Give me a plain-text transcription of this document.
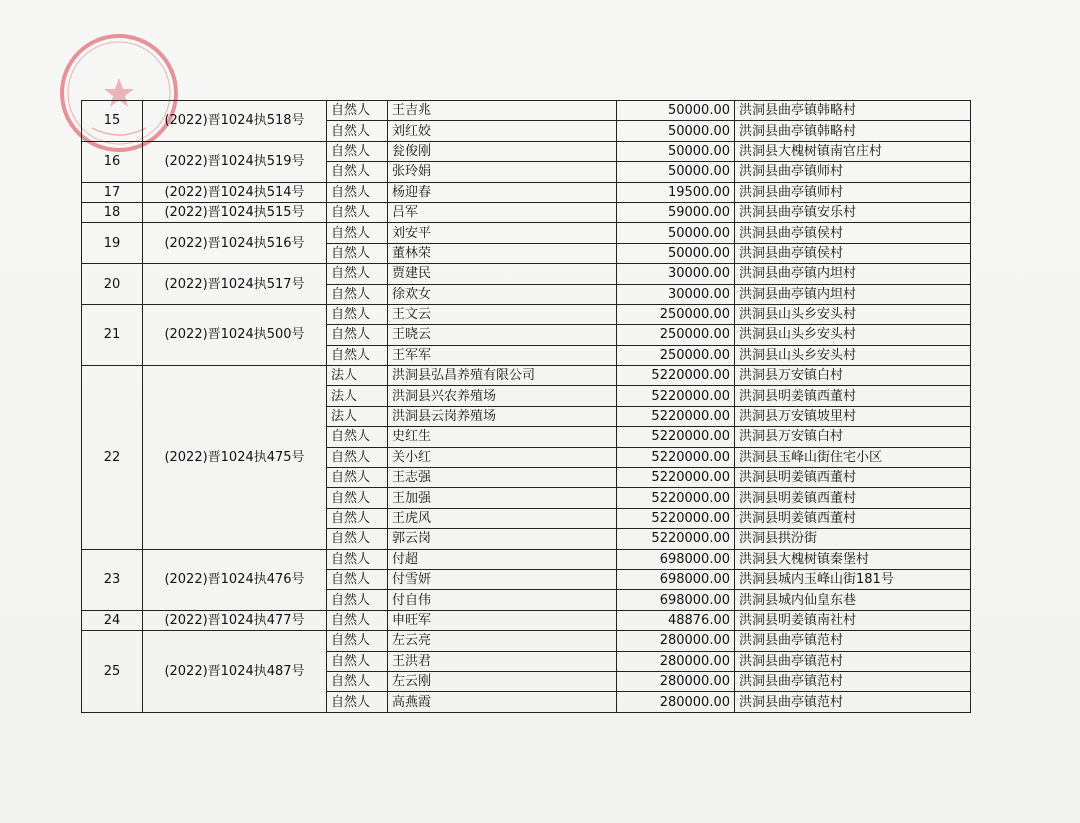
15	(2022)晋1024执518号	自然人	王吉兆	50000.00	洪洞县曲亭镇韩略村
		自然人	刘红姣	50000.00	洪洞县曲亭镇韩略村
16	(2022)晋1024执519号	自然人	瓮俊刚	50000.00	洪洞县大槐树镇南官庄村
		自然人	张玲娟	50000.00	洪洞县曲亭镇师村
17	(2022)晋1024执514号	自然人	杨迎春	19500.00	洪洞县曲亭镇师村
18	(2022)晋1024执515号	自然人	吕军	59000.00	洪洞县曲亭镇安乐村
19	(2022)晋1024执516号	自然人	刘安平	50000.00	洪洞县曲亭镇侯村
		自然人	董林荣	50000.00	洪洞县曲亭镇侯村
20	(2022)晋1024执517号	自然人	贾建民	30000.00	洪洞县曲亭镇内坦村
		自然人	徐欢女	30000.00	洪洞县曲亭镇内坦村
21	(2022)晋1024执500号	自然人	王文云	250000.00	洪洞县山头乡安头村
		自然人	王晓云	250000.00	洪洞县山头乡安头村
		自然人	王军军	250000.00	洪洞县山头乡安头村
22	(2022)晋1024执475号	法人	洪洞县弘昌养殖有限公司	5220000.00	洪洞县万安镇白村
		法人	洪洞县兴农养殖场	5220000.00	洪洞县明姜镇西董村
		法人	洪洞县云岗养殖场	5220000.00	洪洞县万安镇坡里村
		自然人	史红生	5220000.00	洪洞县万安镇白村
		自然人	关小红	5220000.00	洪洞县玉峰山街住宅小区
		自然人	王志强	5220000.00	洪洞县明姜镇西董村
		自然人	王加强	5220000.00	洪洞县明姜镇西董村
		自然人	王虎风	5220000.00	洪洞县明姜镇西董村
		自然人	郭云岗	5220000.00	洪洞县拱汾街
23	(2022)晋1024执476号	自然人	付超	698000.00	洪洞县大槐树镇秦堡村
		自然人	付雪妍	698000.00	洪洞县城内玉峰山街181号
		自然人	付自伟	698000.00	洪洞县城内仙皇东巷
24	(2022)晋1024执477号	自然人	申旺军	48876.00	洪洞县明姜镇南社村
25	(2022)晋1024执487号	自然人	左云亮	280000.00	洪洞县曲亭镇范村
		自然人	王洪君	280000.00	洪洞县曲亭镇范村
		自然人	左云刚	280000.00	洪洞县曲亭镇范村
		自然人	高燕霞	280000.00	洪洞县曲亭镇范村
